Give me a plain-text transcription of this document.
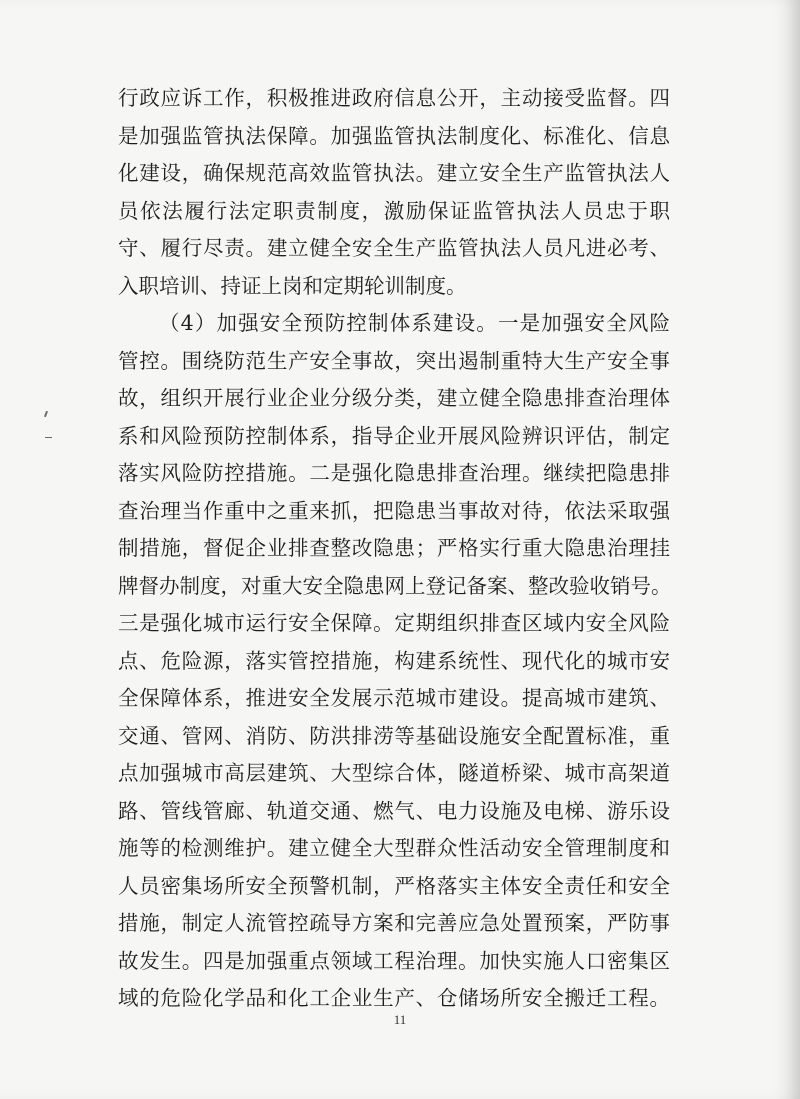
行政应诉工作，积极推进政府信息公开，主动接受监督。四
是加强监管执法保障。加强监管执法制度化、标准化、信息
化建设，确保规范高效监管执法。建立安全生产监管执法人
员依法履行法定职责制度，激励保证监管执法人员忠于职
守、履行尽责。建立健全安全生产监管执法人员凡进必考、
入职培训、持证上岗和定期轮训制度。
（4）加强安全预防控制体系建设。一是加强安全风险
管控。围绕防范生产安全事故，突出遏制重特大生产安全事
故，组织开展行业企业分级分类，建立健全隐患排查治理体
系和风险预防控制体系，指导企业开展风险辨识评估，制定
落实风险防控措施。二是强化隐患排查治理。继续把隐患排
查治理当作重中之重来抓，把隐患当事故对待，依法采取强
制措施，督促企业排查整改隐患；严格实行重大隐患治理挂
牌督办制度，对重大安全隐患网上登记备案、整改验收销号。
三是强化城市运行安全保障。定期组织排查区域内安全风险
点、危险源，落实管控措施，构建系统性、现代化的城市安
全保障体系，推进安全发展示范城市建设。提高城市建筑、
交通、管网、消防、防洪排涝等基础设施安全配置标准，重
点加强城市高层建筑、大型综合体，隧道桥梁、城市高架道
路、管线管廊、轨道交通、燃气、电力设施及电梯、游乐设
施等的检测维护。建立健全大型群众性活动安全管理制度和
人员密集场所安全预警机制，严格落实主体安全责任和安全
措施，制定人流管控疏导方案和完善应急处置预案，严防事
故发生。四是加强重点领域工程治理。加快实施人口密集区
域的危险化学品和化工企业生产、仓储场所安全搬迁工程。
11
